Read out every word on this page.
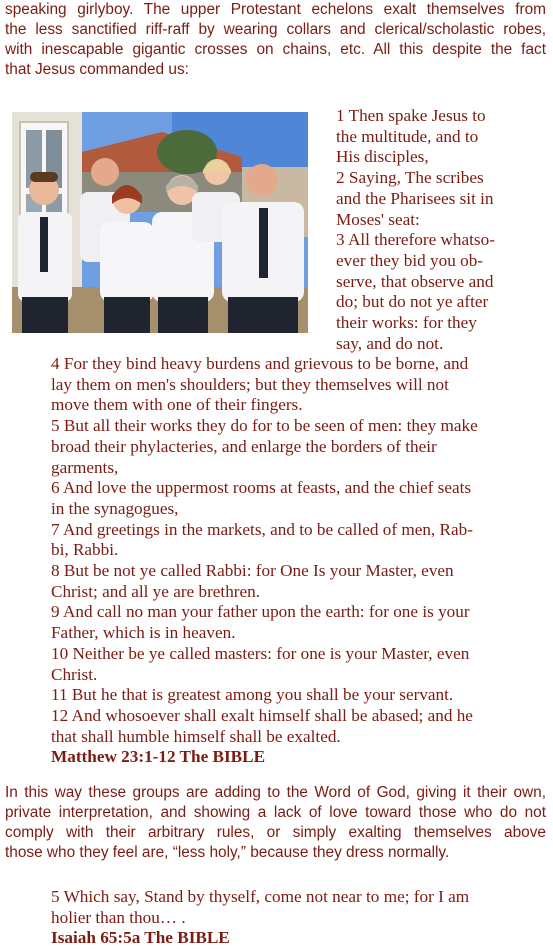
speaking girlyboy. The upper Protestant echelons exalt themselves from
the less sanctified riff-raff by wearing collars and clerical/scholastic robes,
with inescapable gigantic crosses on chains, etc. All this despite the fact
that Jesus commanded us:
1 Then spake Jesus to
the multitude, and to
His disciples,
2 Saying, The scribes
and the Pharisees sit in
Moses' seat:
3 All therefore whatso-
ever they bid you ob-
serve, that observe and
do; but do not ye after
their works: for they
say, and do not.
4 For they bind heavy burdens and grievous to be borne, and
lay them on men's shoulders; but they themselves will not
move them with one of their fingers.
5 But all their works they do for to be seen of men: they make
broad their phylacteries, and enlarge the borders of their
garments,
6 And love the uppermost rooms at feasts, and the chief seats
in the synagogues,
7 And greetings in the markets, and to be called of men, Rab-
bi, Rabbi.
8 But be not ye called Rabbi: for One Is your Master, even
Christ; and all ye are brethren.
9 And call no man your father upon the earth: for one is your
Father, which is in heaven.
10 Neither be ye called masters: for one is your Master, even
Christ.
11 But he that is greatest among you shall be your servant.
12 And whosoever shall exalt himself shall be abased; and he
that shall humble himself shall be exalted.
Matthew 23:1-12 The BIBLE
In this way these groups are adding to the Word of God, giving it their own,
private interpretation, and showing a lack of love toward those who do not
comply with their arbitrary rules, or simply exalting themselves above
those who they feel are, “less holy,” because they dress normally.
5 Which say, Stand by thyself, come not near to me; for I am
holier than thou… .
Isaiah 65:5a The BIBLE
